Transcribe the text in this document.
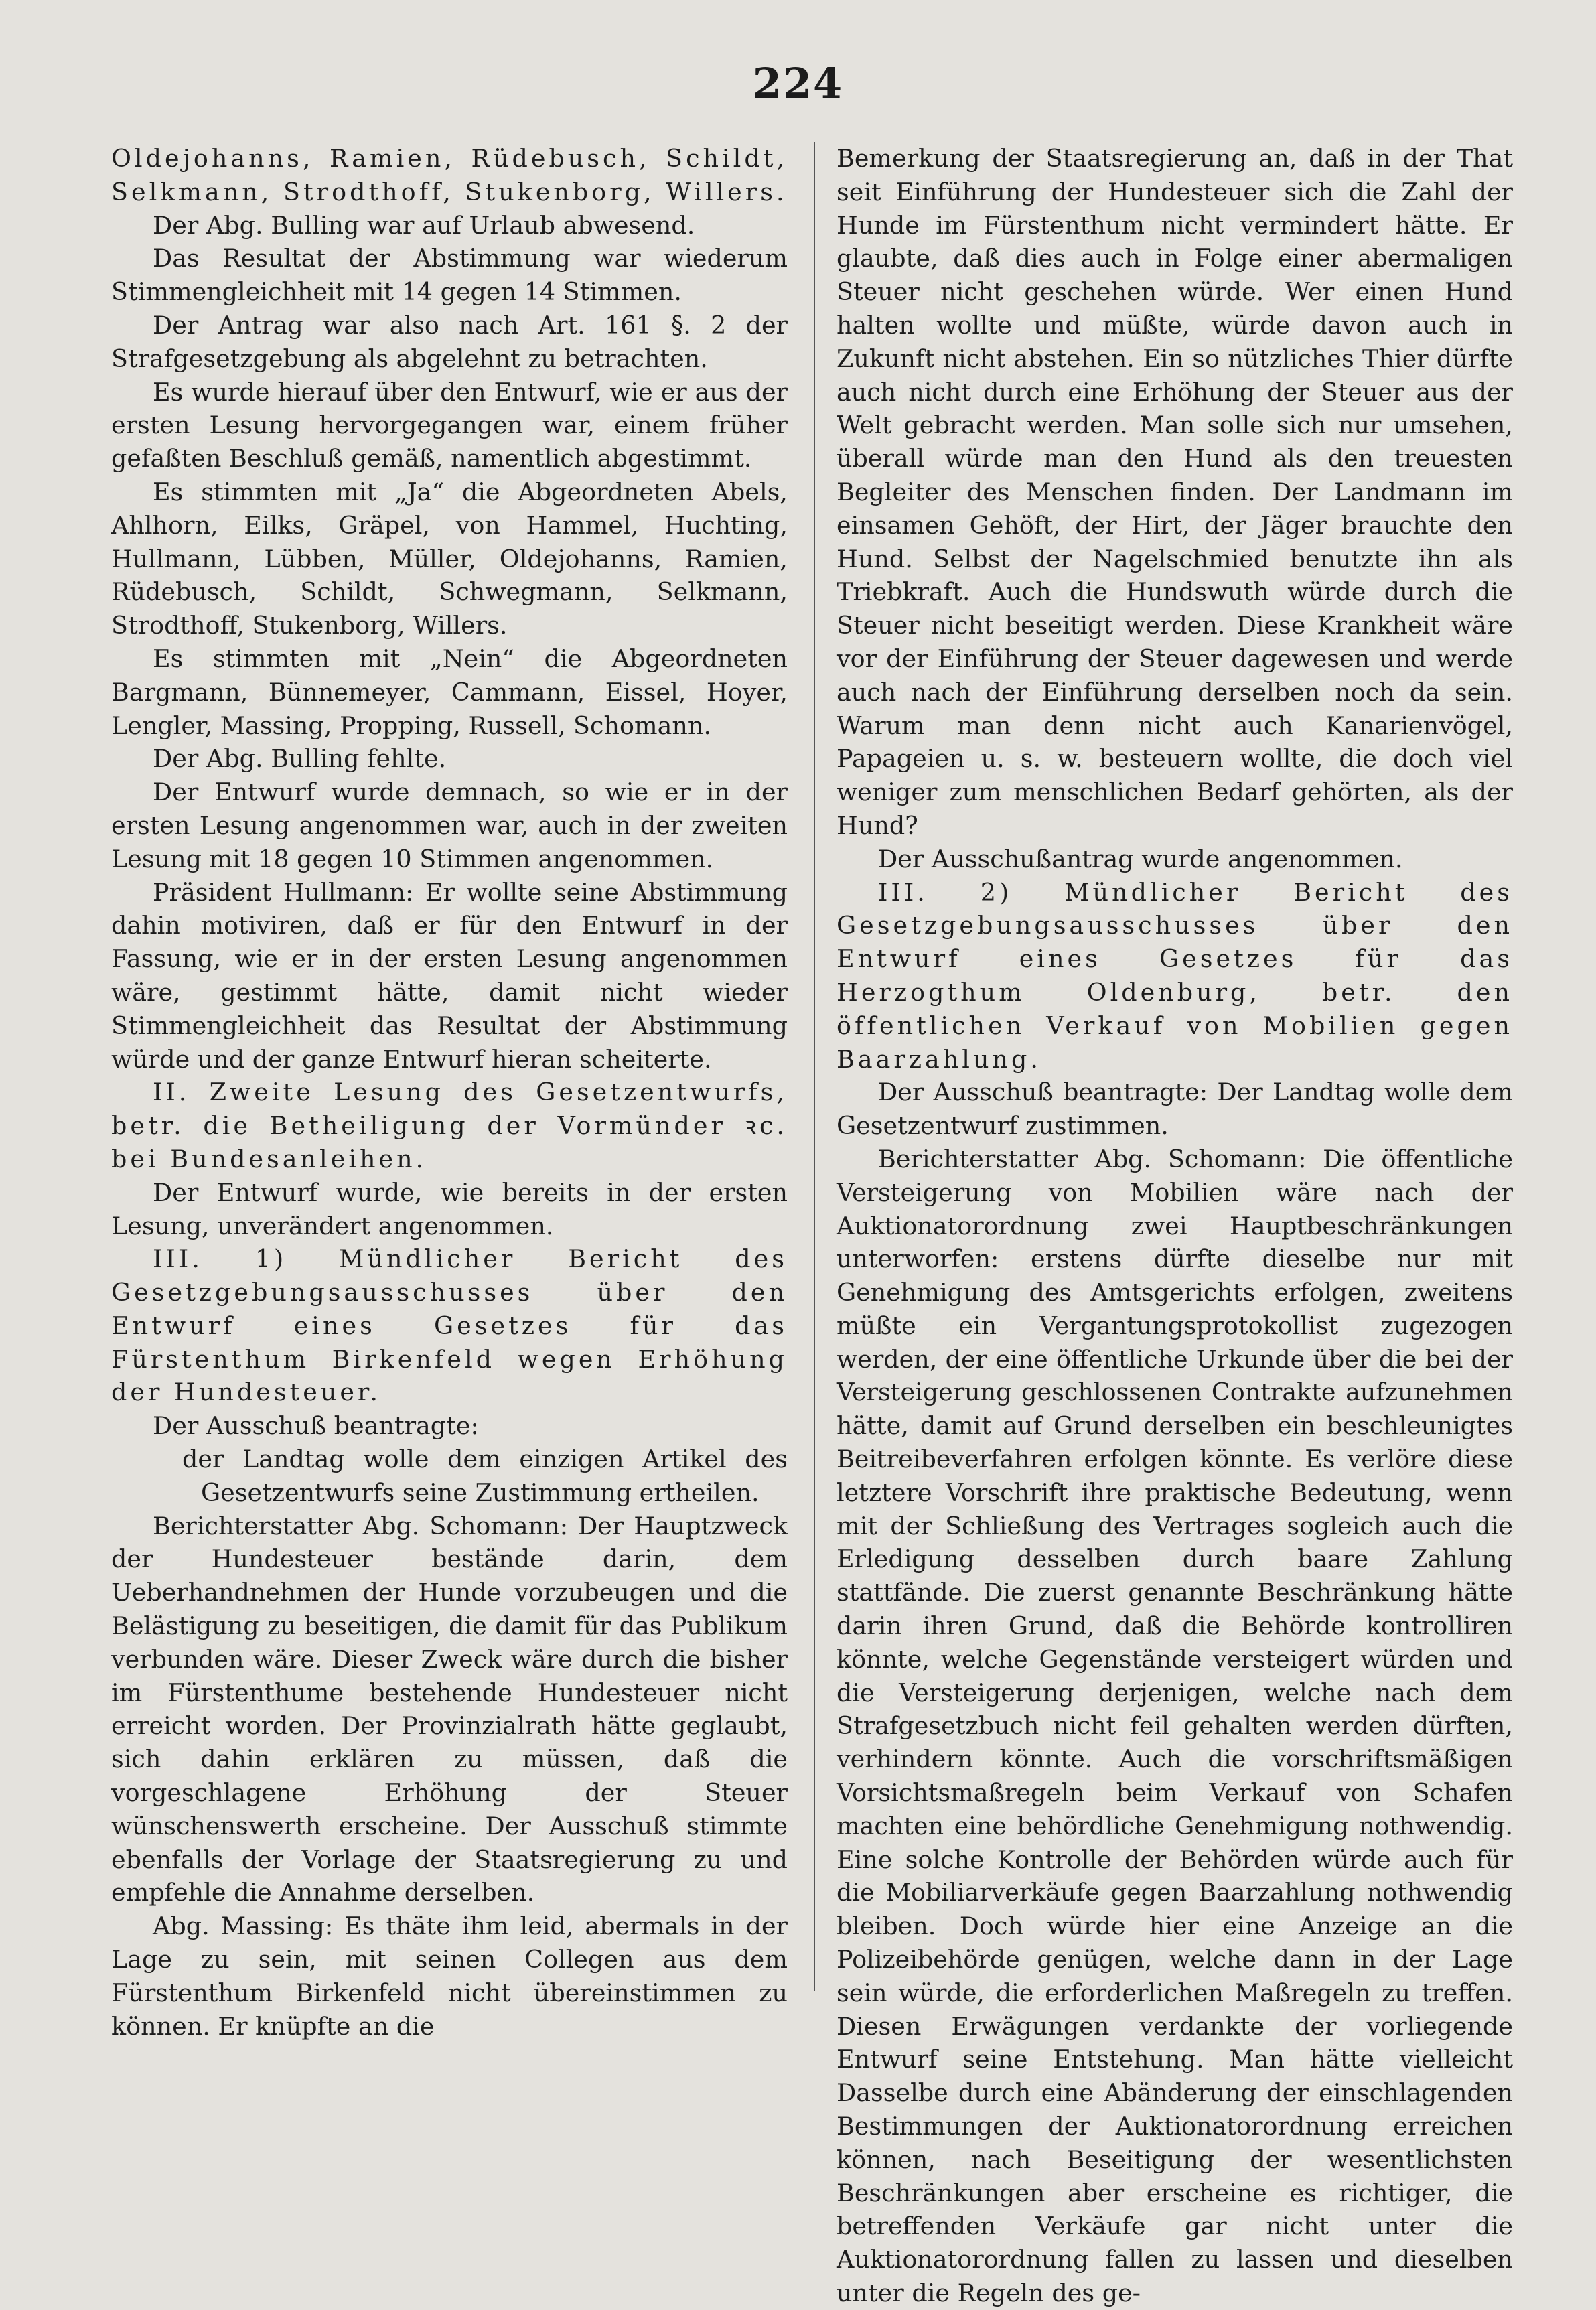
224

Oldejohanns, Ramien, Rüdebusch, Schildt, Selkmann, Strodthoff, Stukenborg, Willers.

Der Abg. Bulling war auf Urlaub abwesend.

Das Resultat der Abstimmung war wiederum Stimmengleichheit mit 14 gegen 14 Stimmen.

Der Antrag war also nach Art. 161 §. 2 der Strafgesetzgebung als abgelehnt zu betrachten.

Es wurde hierauf über den Entwurf, wie er aus der ersten Lesung hervorgegangen war, einem früher gefaßten Beschluß gemäß, namentlich abgestimmt.

Es stimmten mit „Ja“ die Abgeordneten Abels, Ahlhorn, Eilks, Gräpel, von Hammel, Huchting, Hullmann, Lübben, Müller, Oldejohanns, Ramien, Rüdebusch, Schildt, Schwegmann, Selkmann, Strodthoff, Stukenborg, Willers.

Es stimmten mit „Nein“ die Abgeordneten Bargmann, Bünnemeyer, Cammann, Eissel, Hoyer, Lengler, Massing, Propping, Russell, Schomann.

Der Abg. Bulling fehlte.

Der Entwurf wurde demnach, so wie er in der ersten Lesung angenommen war, auch in der zweiten Lesung mit 18 gegen 10 Stimmen angenommen.

Präsident Hullmann: Er wollte seine Abstimmung dahin motiviren, daß er für den Entwurf in der Fassung, wie er in der ersten Lesung angenommen wäre, gestimmt hätte, damit nicht wieder Stimmengleichheit das Resultat der Abstimmung würde und der ganze Entwurf hieran scheiterte.

II. Zweite Lesung des Gesetzentwurfs, betr. die Betheiligung der Vormünder ꝛc. bei Bundesanleihen.

Der Entwurf wurde, wie bereits in der ersten Lesung, unverändert angenommen.

III. 1) Mündlicher Bericht des Gesetzgebungsausschusses über den Entwurf eines Gesetzes für das Fürstenthum Birkenfeld wegen Erhöhung der Hundesteuer.

Der Ausschuß beantragte:

der Landtag wolle dem einzigen Artikel des Gesetzentwurfs seine Zustimmung ertheilen.

Berichterstatter Abg. Schomann: Der Hauptzweck der Hundesteuer bestände darin, dem Ueberhandnehmen der Hunde vorzubeugen und die Belästigung zu beseitigen, die damit für das Publikum verbunden wäre. Dieser Zweck wäre durch die bisher im Fürstenthume bestehende Hundesteuer nicht erreicht worden. Der Provinzialrath hätte geglaubt, sich dahin erklären zu müssen, daß die vorgeschlagene Erhöhung der Steuer wünschenswerth erscheine. Der Ausschuß stimmte ebenfalls der Vorlage der Staatsregierung zu und empfehle die Annahme derselben.

Abg. Massing: Es thäte ihm leid, abermals in der Lage zu sein, mit seinen Collegen aus dem Fürstenthum Birkenfeld nicht übereinstimmen zu können. Er knüpfte an die

Bemerkung der Staatsregierung an, daß in der That seit Einführung der Hundesteuer sich die Zahl der Hunde im Fürstenthum nicht vermindert hätte. Er glaubte, daß dies auch in Folge einer abermaligen Steuer nicht geschehen würde. Wer einen Hund halten wollte und müßte, würde davon auch in Zukunft nicht abstehen. Ein so nützliches Thier dürfte auch nicht durch eine Erhöhung der Steuer aus der Welt gebracht werden. Man solle sich nur umsehen, überall würde man den Hund als den treuesten Begleiter des Menschen finden. Der Landmann im einsamen Gehöft, der Hirt, der Jäger brauchte den Hund. Selbst der Nagelschmied benutzte ihn als Triebkraft. Auch die Hundswuth würde durch die Steuer nicht beseitigt werden. Diese Krankheit wäre vor der Einführung der Steuer dagewesen und werde auch nach der Einführung derselben noch da sein. Warum man denn nicht auch Kanarienvögel, Papageien u. s. w. besteuern wollte, die doch viel weniger zum menschlichen Bedarf gehörten, als der Hund?

Der Ausschußantrag wurde angenommen.

III. 2) Mündlicher Bericht des Gesetzgebungsausschusses über den Entwurf eines Gesetzes für das Herzogthum Oldenburg, betr. den öffentlichen Verkauf von Mobilien gegen Baarzahlung.

Der Ausschuß beantragte: Der Landtag wolle dem Gesetzentwurf zustimmen.

Berichterstatter Abg. Schomann: Die öffentliche Versteigerung von Mobilien wäre nach der Auktionatorordnung zwei Hauptbeschränkungen unterworfen: erstens dürfte dieselbe nur mit Genehmigung des Amtsgerichts erfolgen, zweitens müßte ein Vergantungsprotokollist zugezogen werden, der eine öffentliche Urkunde über die bei der Versteigerung geschlossenen Contrakte aufzunehmen hätte, damit auf Grund derselben ein beschleunigtes Beitreibeverfahren erfolgen könnte. Es verlöre diese letztere Vorschrift ihre praktische Bedeutung, wenn mit der Schließung des Vertrages sogleich auch die Erledigung desselben durch baare Zahlung stattfände. Die zuerst genannte Beschränkung hätte darin ihren Grund, daß die Behörde kontrolliren könnte, welche Gegenstände versteigert würden und die Versteigerung derjenigen, welche nach dem Strafgesetzbuch nicht feil gehalten werden dürften, verhindern könnte. Auch die vorschriftsmäßigen Vorsichtsmaßregeln beim Verkauf von Schafen machten eine behördliche Genehmigung nothwendig. Eine solche Kontrolle der Behörden würde auch für die Mobiliarverkäufe gegen Baarzahlung nothwendig bleiben. Doch würde hier eine Anzeige an die Polizeibehörde genügen, welche dann in der Lage sein würde, die erforderlichen Maßregeln zu treffen. Diesen Erwägungen verdankte der vorliegende Entwurf seine Entstehung. Man hätte vielleicht Dasselbe durch eine Abänderung der einschlagenden Bestimmungen der Auktionatorordnung erreichen können, nach Beseitigung der wesentlichsten Beschränkungen aber erscheine es richtiger, die betreffenden Verkäufe gar nicht unter die Auktionatorordnung fallen zu lassen und dieselben unter die Regeln des ge-
